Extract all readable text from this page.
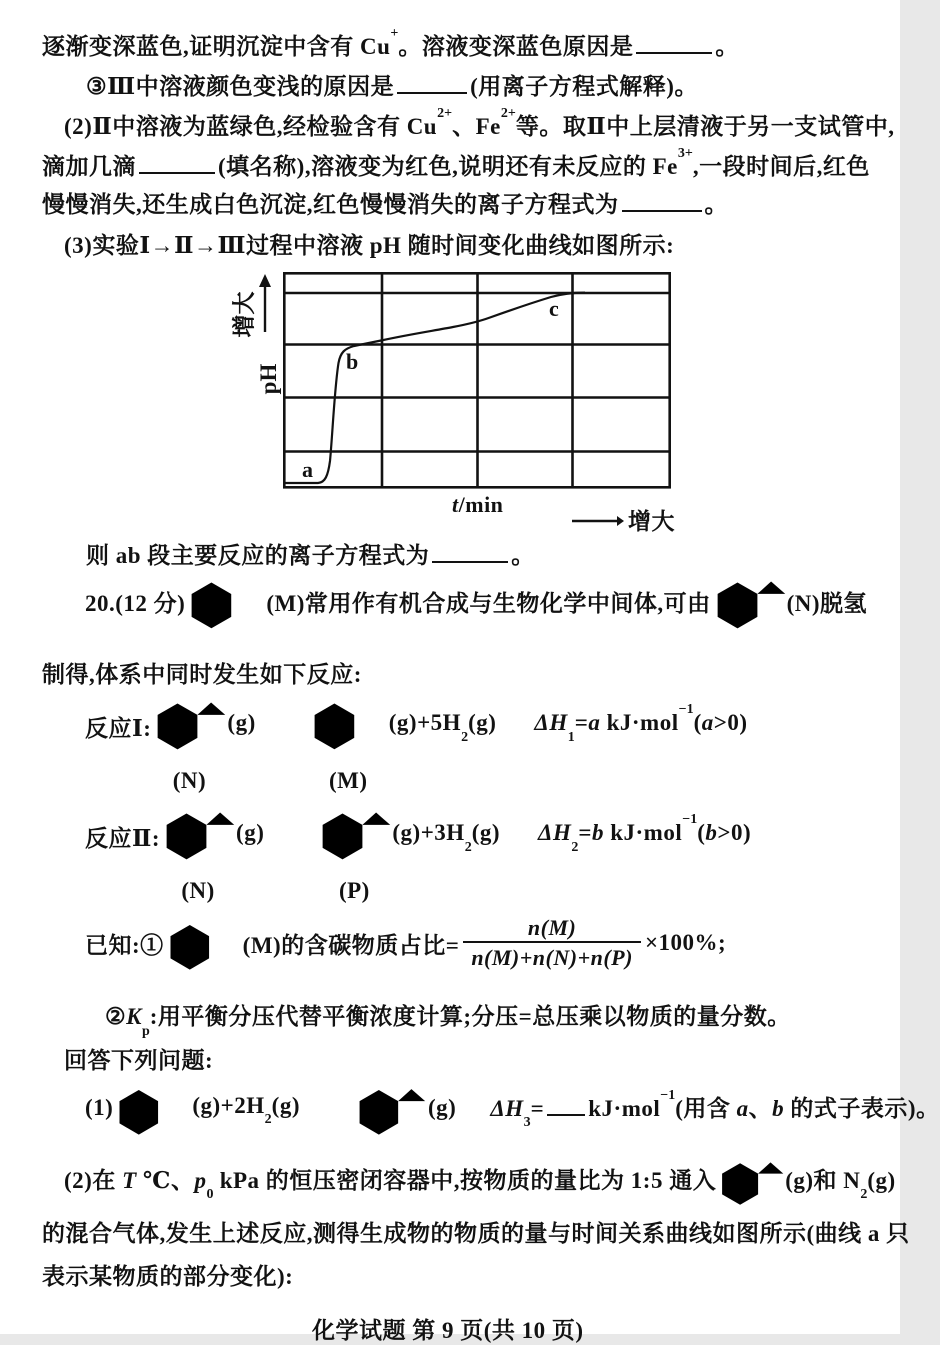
逐渐变深蓝色,证明沉淀中含有 Cu+。溶液变深蓝色原因是	。
③Ⅲ中溶液颜色变浅的原因是	(用离子方程式解释)。
(2)Ⅱ中溶液为蓝绿色,经检验含有 $Cu^{2+}$、$Fe^{2+}$等。取Ⅱ中上层清液于另一支试管中,
滴加几滴	(填名称),溶液变为红色,说明还有未反应的 $Fe^{3+}$,一段时间后,红色
慢慢消失,还生成白色沉淀,红色慢慢消失的离子方程式为	。
(3)实验Ⅰ→Ⅱ→Ⅲ过程中溶液 pH 随时间变化曲线如图所示:
a
b
c
增大
pH
t/min
增大
则 ab 段主要反应的离子方程式为	。
20.(12 分)	(M)常用作有机合成与生物化学中间体,可由	(N)脱氢
制得,体系中同时发生如下反应:
反应Ⅰ:
(N)
(g)
(M)
$(g)+5H_2(g)$ $\Delta H_1=a$ kJ·mol$^{-1}$(a>0)
反应Ⅱ:
(N)
(g)
(P)
$(g)+3H_2(g)$ $\Delta H_2=b$ kJ·mol$^{-1}$(b>0)
已知:①	(M)的含碳物质占比= $\frac{n(M)}{n(M)+n(N)+n(P)} \times 100\%$;
$②K_p$:用平衡分压代替平衡浓度计算;分压=总压乘以物质的量分数。
回答下列问题:
(1)	$(g)+2H_2(g)$	(g) $\Delta H_3= kJ\cdot mol^{-1}$(用含 a、b 的式子表示)。
(2)在 T ℃、$p_0$ kPa 的恒压密闭容器中,按物质的量比为 1:5 通入	(g)和 $N_2(g)$
的混合气体,发生上述反应,测得生成物的物质的量与时间关系曲线如图所示(曲线 a 只
表示某物质的部分变化):
化学试题 第 9 页(共 10 页)
